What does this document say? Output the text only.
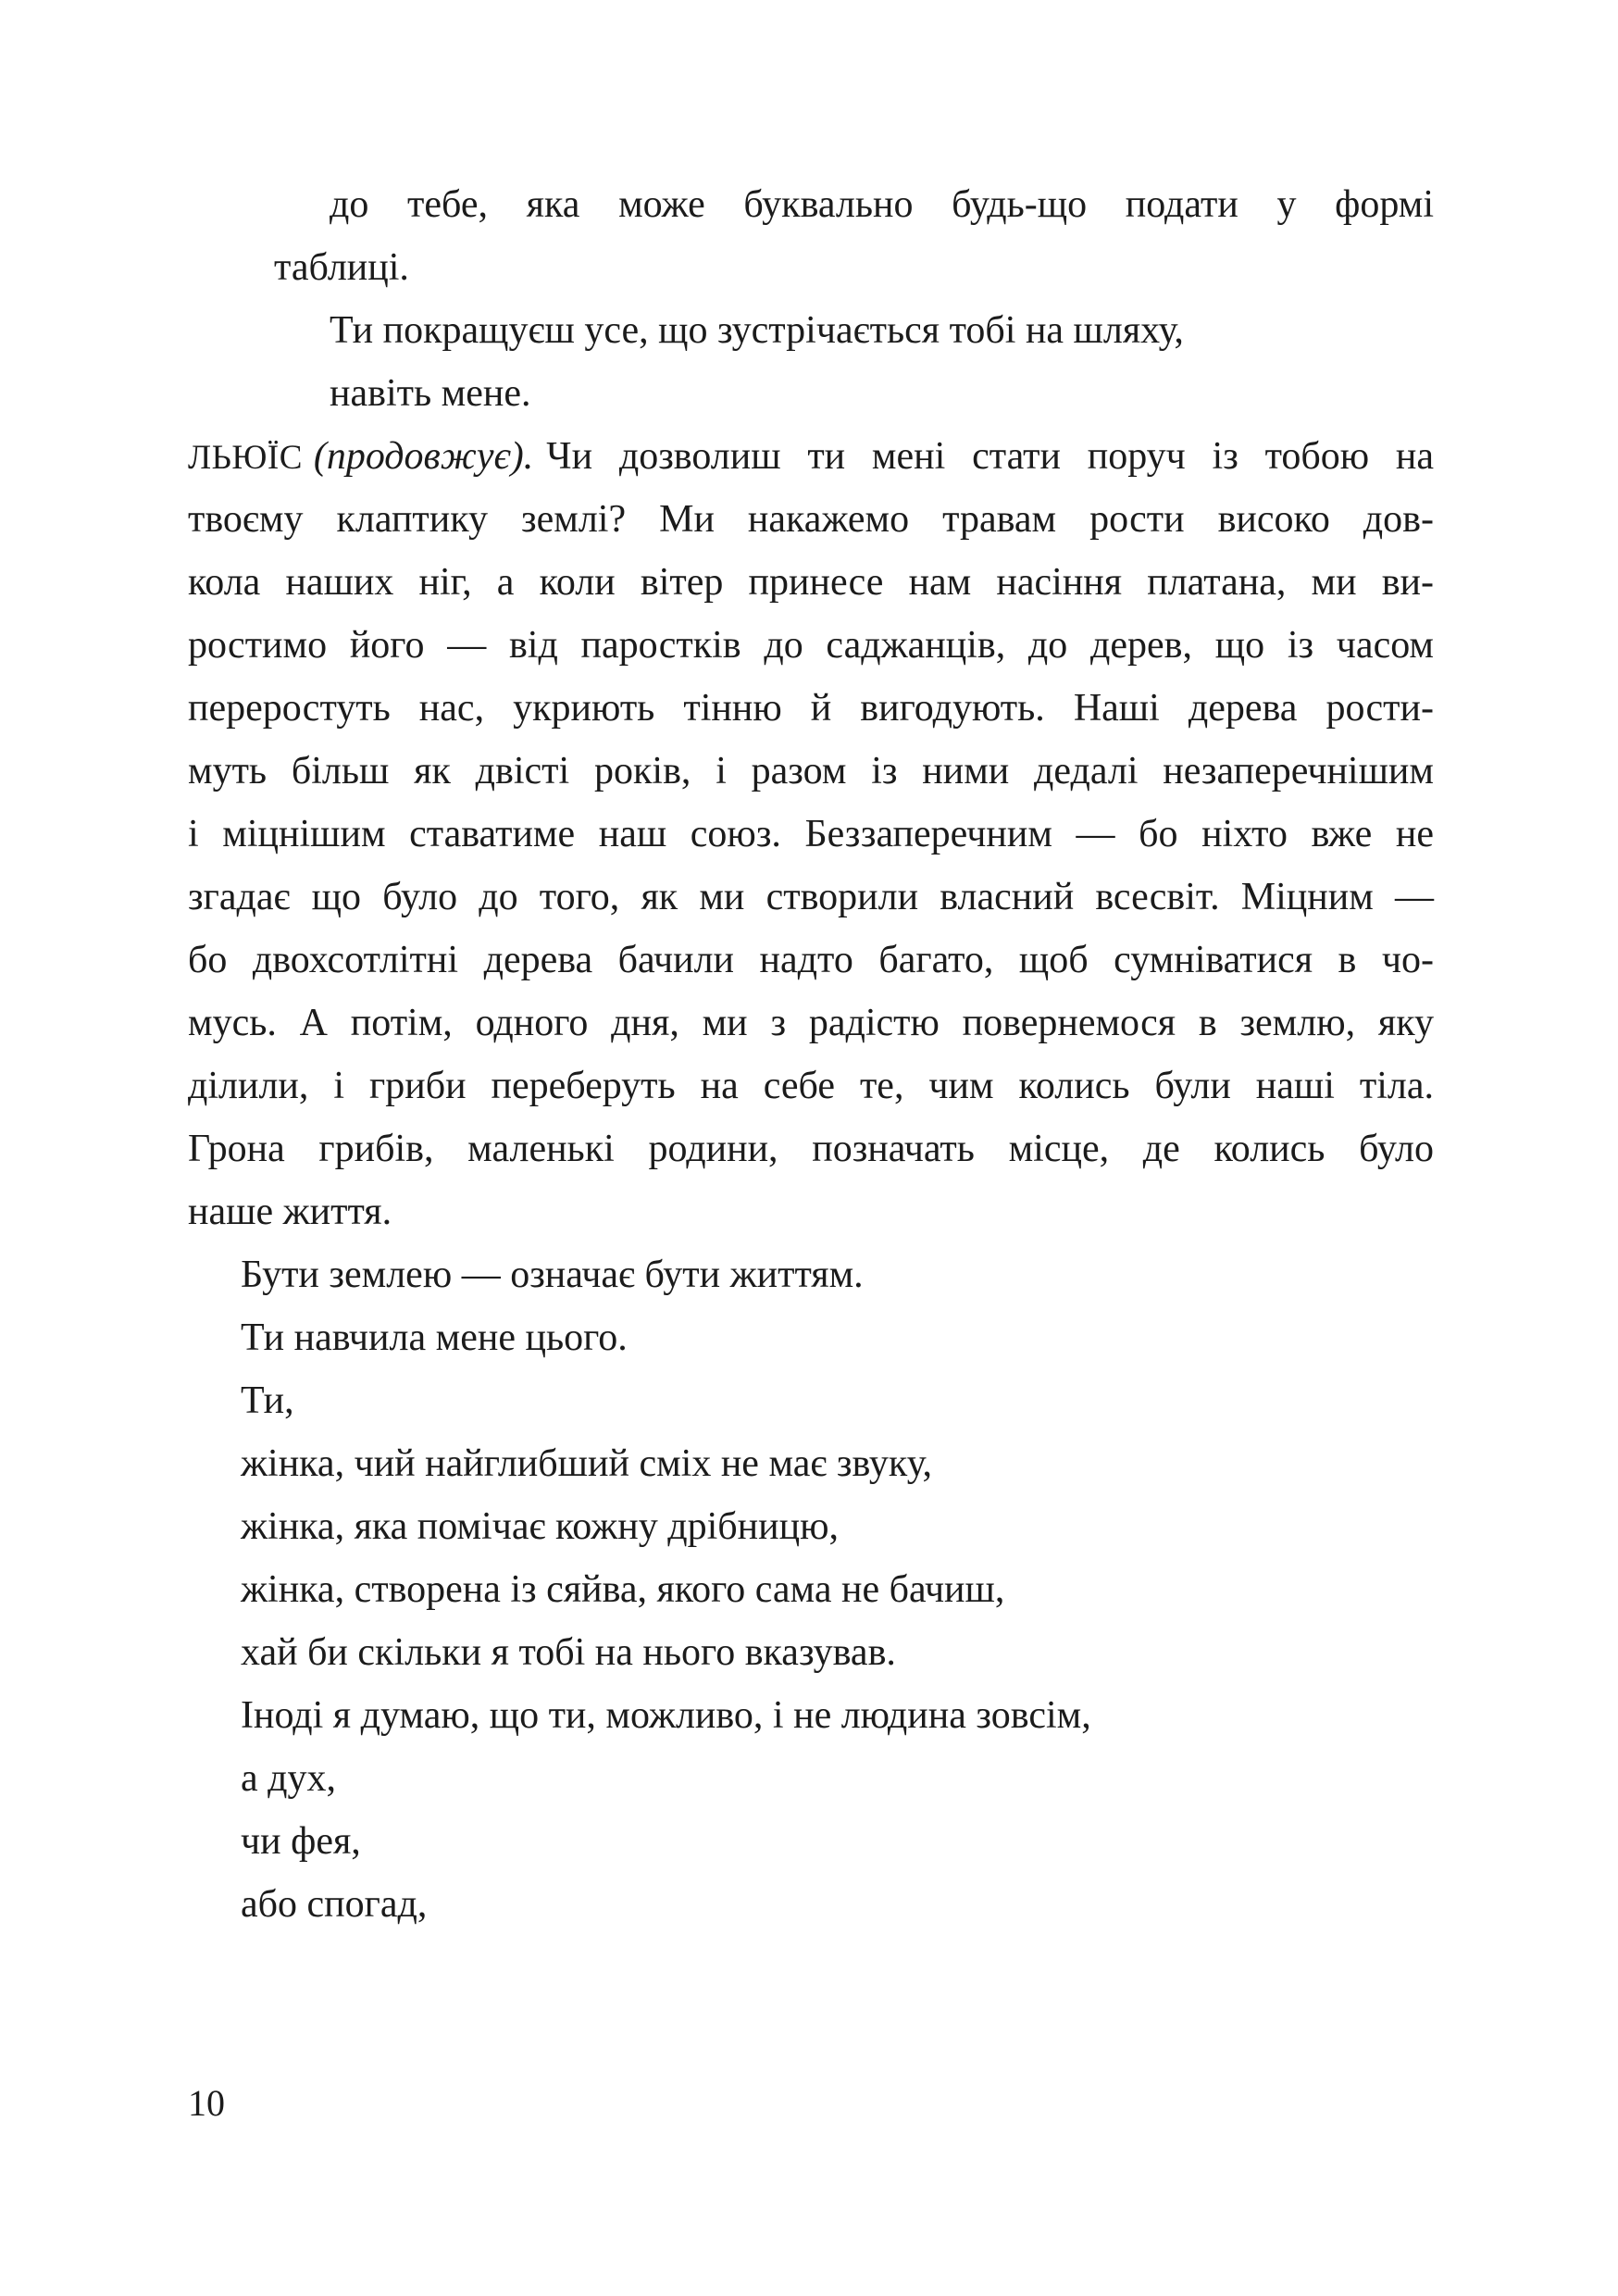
до тебе, яка може буквально будь-що подати у формі
таблиці.
Ти покращуєш усе, що зустрічається тобі на шляху,
навіть мене.
ЛЬЮЇС (продовжує). Чи дозволиш ти мені стати поруч із тобою на
твоєму клаптику землі? Ми накажемо травам рости високо дов-
кола наших ніг, а коли вітер принесе нам насіння платана, ми ви-
ростимо його — від паростків до саджанців, до дерев, що із часом
переростуть нас, укриють тінню й вигодують. Наші дерева рости-
муть більш як двісті років, і разом із ними дедалі незаперечнішим
і міцнішим ставатиме наш союз. Беззаперечним — бо ніхто вже не
згадає що було до того, як ми створили власний всесвіт. Міцним —
бо двохсотлітні дерева бачили надто багато, щоб сумніватися в чо-
мусь. А потім, одного дня, ми з радістю повернемося в землю, яку
ділили, і гриби переберуть на себе те, чим колись були наші тіла.
Грона грибів, маленькі родини, позначать місце, де колись було
наше життя.
Бути землею — означає бути життям.
Ти навчила мене цього.
Ти,
жінка, чий найглибший сміх не має звуку,
жінка, яка помічає кожну дрібницю,
жінка, створена із сяйва, якого сама не бачиш,
хай би скільки я тобі на нього вказував.
Іноді я думаю, що ти, можливо, і не людина зовсім,
а дух,
чи фея,
або спогад,
10
